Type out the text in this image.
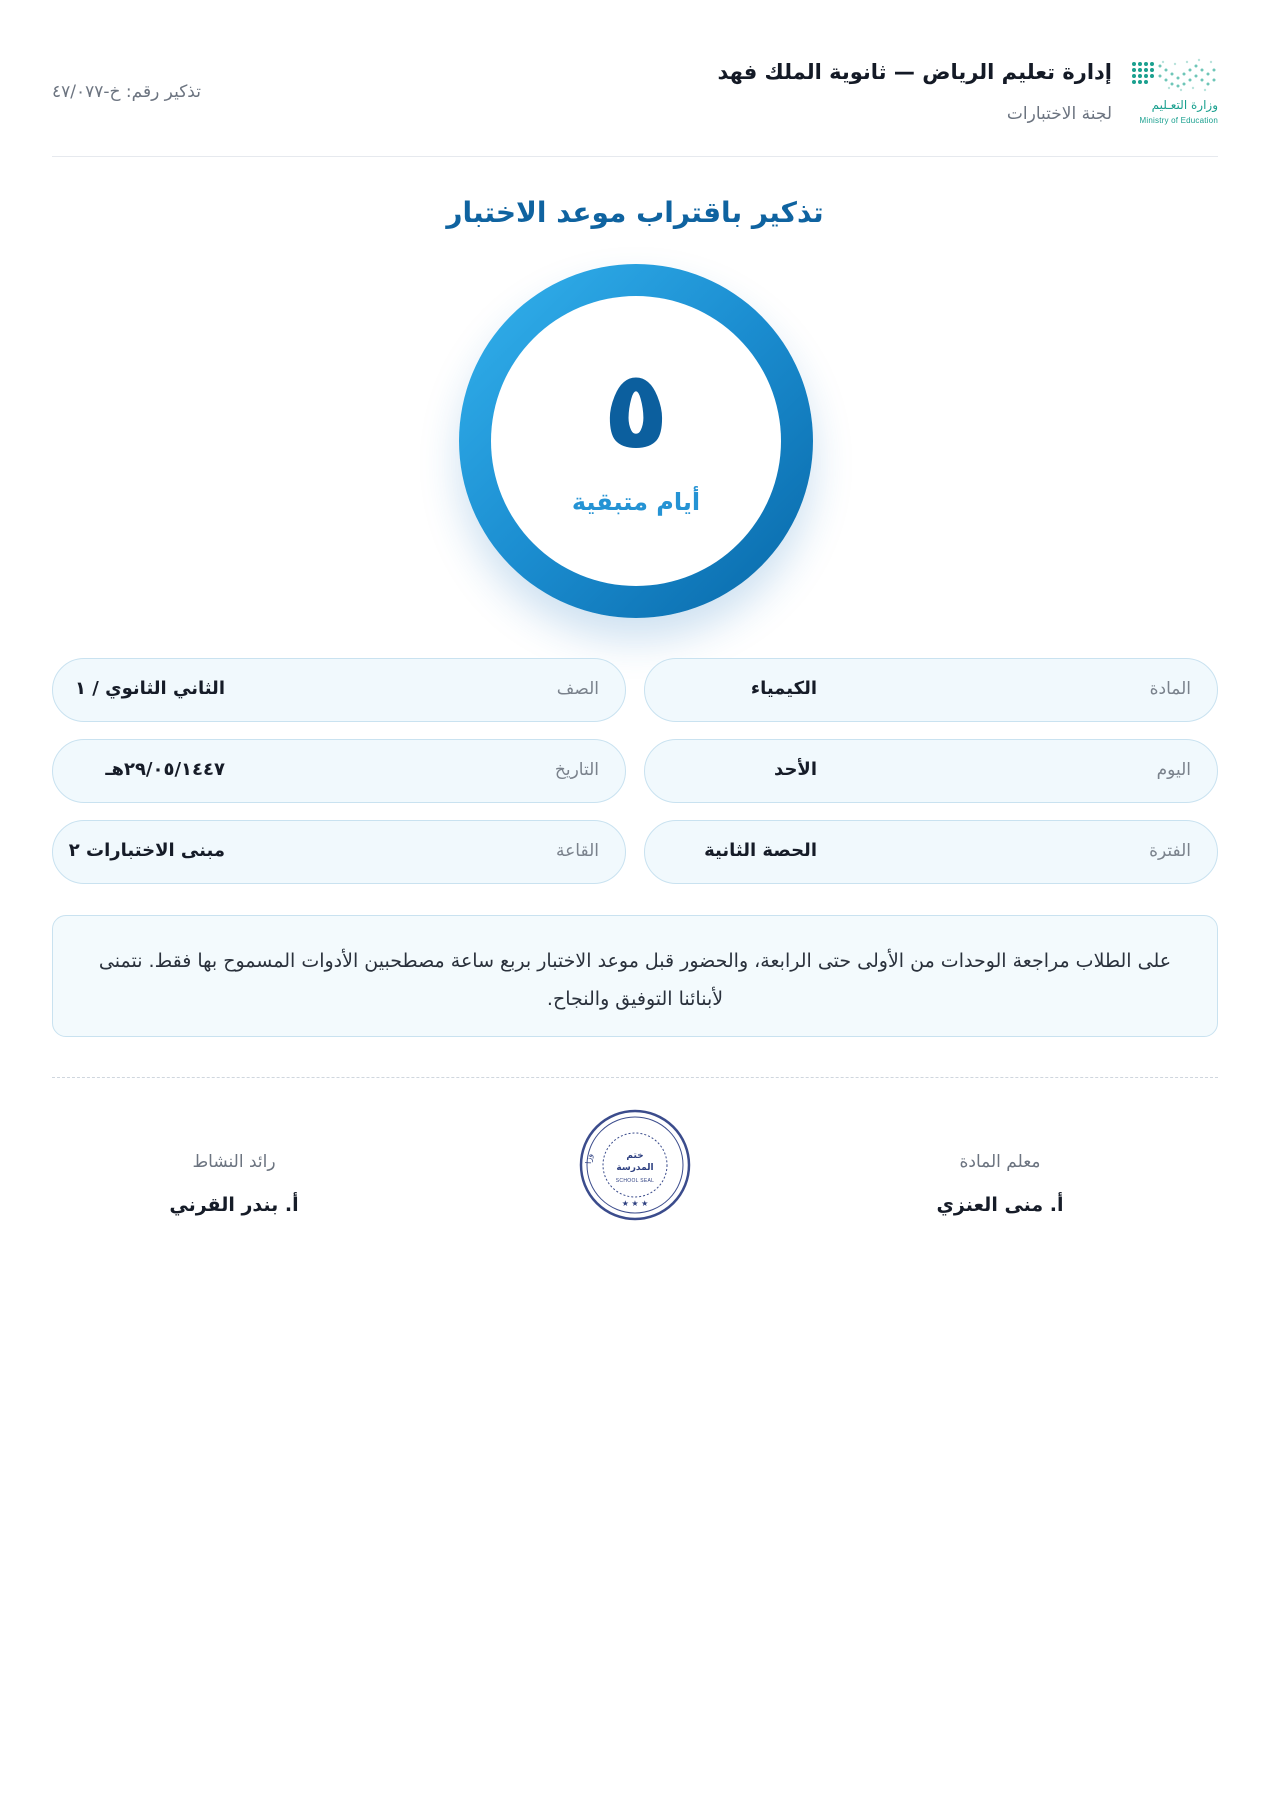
وزارة التعـليم
Ministry of Education
إدارة تعليم الرياض — ثانوية الملك فهد
لجنة الاختبارات
تذكير رقم: خ-٤٧/٠٧٧
تذكير باقتراب موعد الاختبار
٥
أيام متبقية
المادة
الكيمياء
الصف
الثاني الثانوي / ١
اليوم
الأحد
التاريخ
٢٩/٠٥/١٤٤٧هـ
الفترة
الحصة الثانية
القاعة
مبنى الاختبارات ٢
على الطلاب مراجعة الوحدات من الأولى حتى الرابعة، والحضور قبل موعد الاختبار بربع ساعة مصطحبين الأدوات المسموح بها فقط. نتمنى لأبنائنا التوفيق والنجاح.
معلم المادة
أ. منى العنزي
وزا
ختم
المدرسة
SCHOOL SEAL
★ ★ ★
رائد النشاط
أ. بندر القرني
